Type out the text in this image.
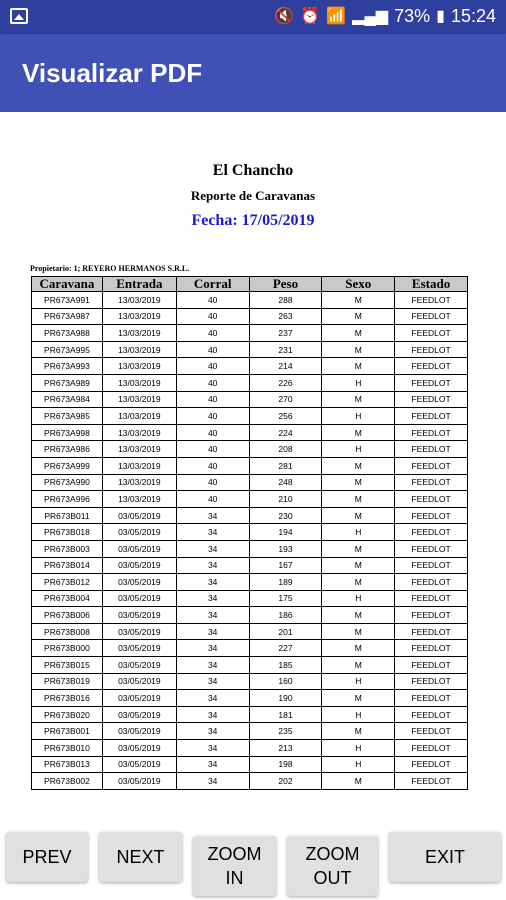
🔇 ⏰ 📶 ▂▄▆ 73% ▮ 15:24
Visualizar PDF
El Chancho
Reporte de Caravanas
Fecha: 17/05/2019
Propietario: 1; REYERO HERMANOS S.R.L.
Caravana	Entrada	Corral	Peso	Sexo	Estado
PR673A991	13/03/2019	40	288	M	FEEDLOT
PR673A987	13/03/2019	40	263	M	FEEDLOT
PR673A988	13/03/2019	40	237	M	FEEDLOT
PR673A995	13/03/2019	40	231	M	FEEDLOT
PR673A993	13/03/2019	40	214	M	FEEDLOT
PR673A989	13/03/2019	40	226	H	FEEDLOT
PR673A984	13/03/2019	40	270	M	FEEDLOT
PR673A985	13/03/2019	40	256	H	FEEDLOT
PR673A998	13/03/2019	40	224	M	FEEDLOT
PR673A986	13/03/2019	40	208	H	FEEDLOT
PR673A999	13/03/2019	40	281	M	FEEDLOT
PR673A990	13/03/2019	40	248	M	FEEDLOT
PR673A996	13/03/2019	40	210	M	FEEDLOT
PR673B011	03/05/2019	34	230	M	FEEDLOT
PR673B018	03/05/2019	34	194	H	FEEDLOT
PR673B003	03/05/2019	34	193	M	FEEDLOT
PR673B014	03/05/2019	34	167	M	FEEDLOT
PR673B012	03/05/2019	34	189	M	FEEDLOT
PR673B004	03/05/2019	34	175	H	FEEDLOT
PR673B006	03/05/2019	34	186	M	FEEDLOT
PR673B008	03/05/2019	34	201	M	FEEDLOT
PR673B000	03/05/2019	34	227	M	FEEDLOT
PR673B015	03/05/2019	34	185	M	FEEDLOT
PR673B019	03/05/2019	34	160	H	FEEDLOT
PR673B016	03/05/2019	34	190	M	FEEDLOT
PR673B020	03/05/2019	34	181	H	FEEDLOT
PR673B001	03/05/2019	34	235	M	FEEDLOT
PR673B010	03/05/2019	34	213	H	FEEDLOT
PR673B013	03/05/2019	34	198	H	FEEDLOT
PR673B002	03/05/2019	34	202	M	FEEDLOT
PREV	NEXT	ZOOM IN
ZOOM OUT
EXIT
